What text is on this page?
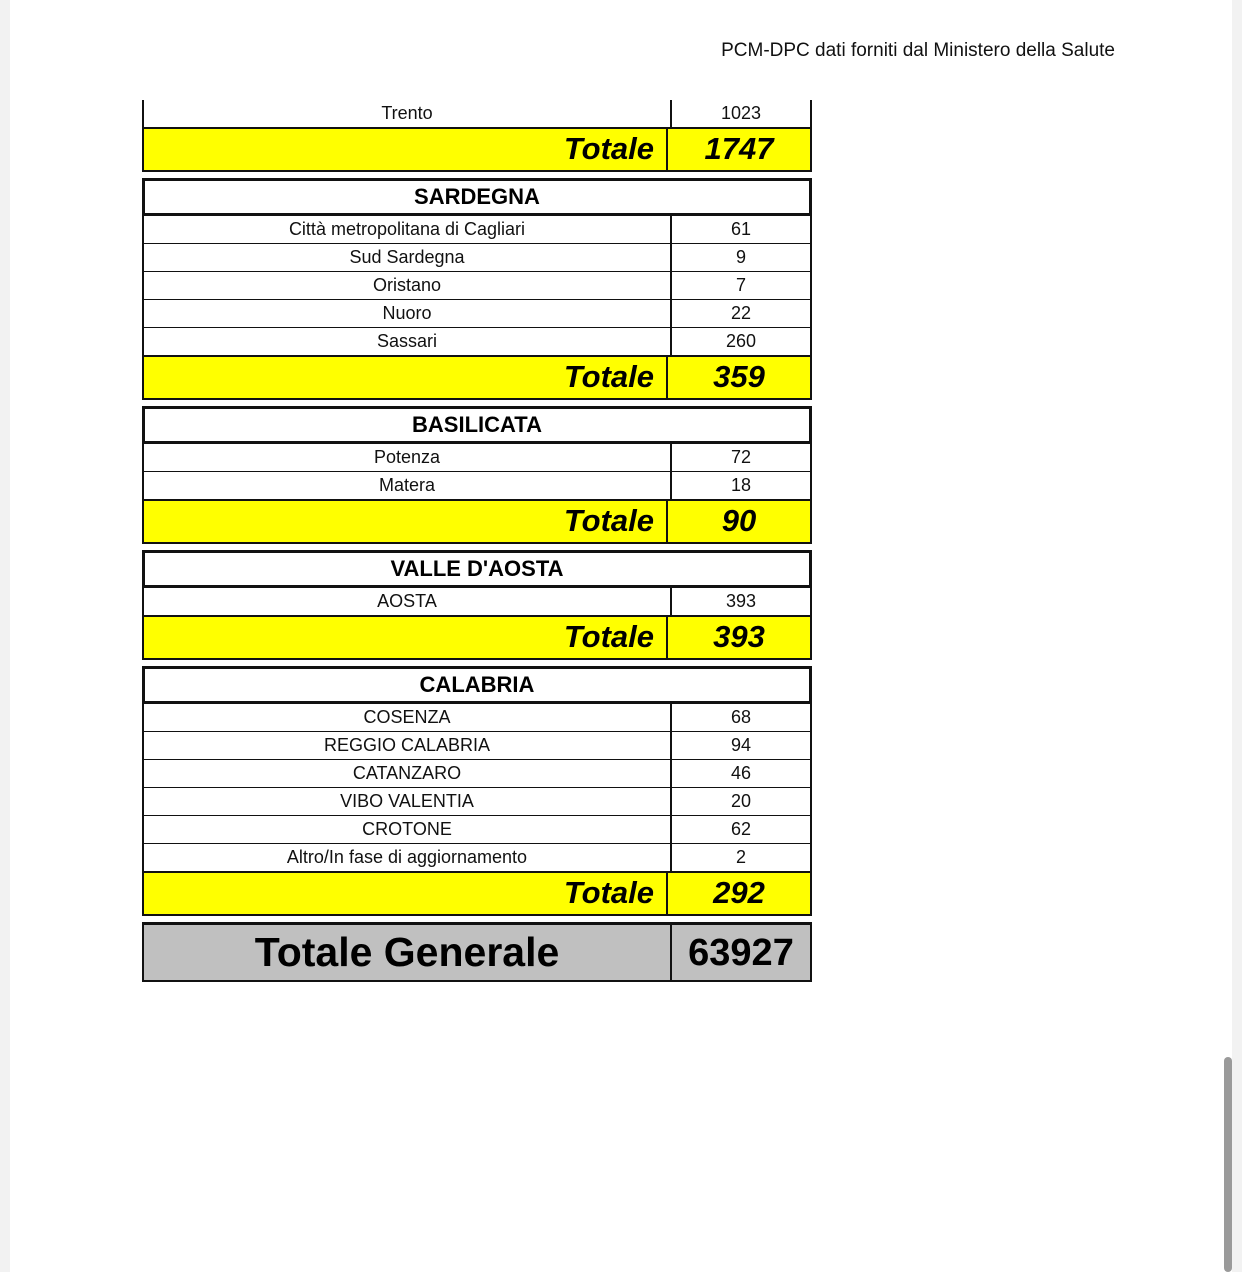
PCM-DPC dati forniti dal Ministero della Salute
Trento	1023
Totale	1747
SARDEGNA
Città metropolitana di Cagliari	61
Sud Sardegna	9
Oristano	7
Nuoro	22
Sassari	260
Totale	359
BASILICATA
Potenza	72
Matera	18
Totale	90
VALLE D'AOSTA
AOSTA	393
Totale	393
CALABRIA
COSENZA	68
REGGIO CALABRIA	94
CATANZARO	46
VIBO VALENTIA	20
CROTONE	62
Altro/In fase di aggiornamento	2
Totale	292
Totale Generale	63927
